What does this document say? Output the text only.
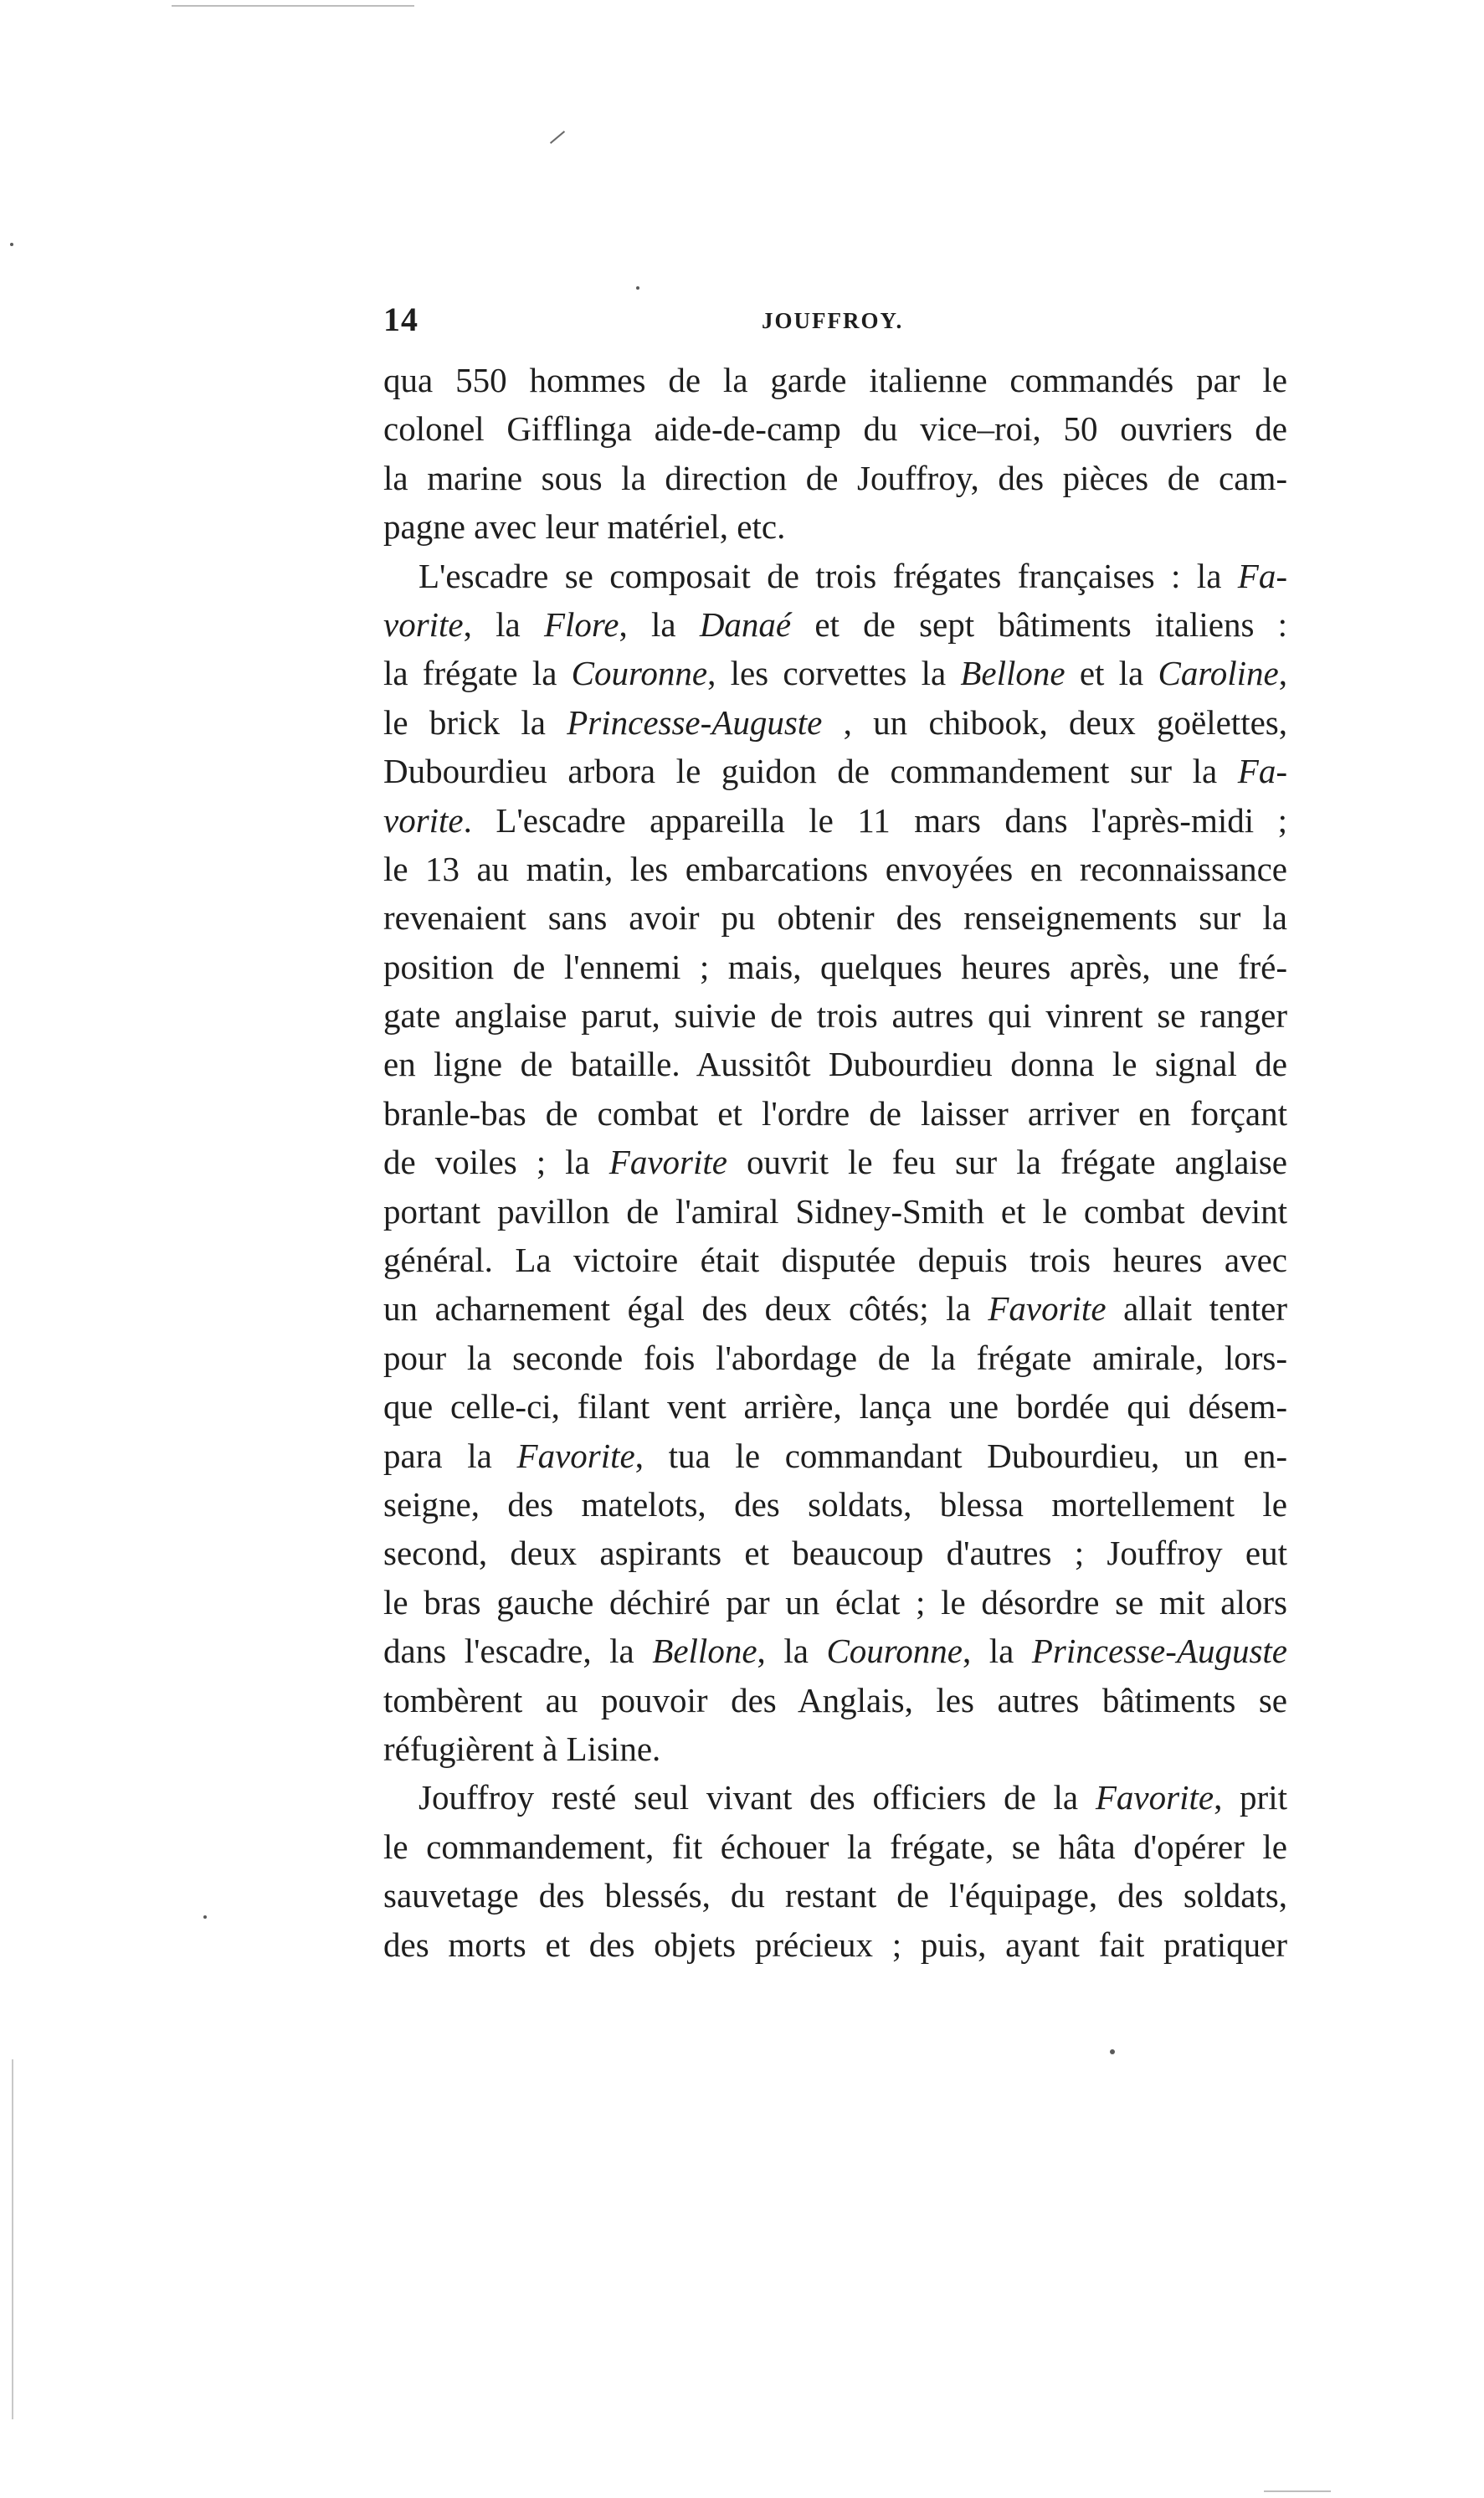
14	JOUFFROY.
qua 550 hommes de la garde italienne commandés par le
colonel Gifflinga aide-de-camp du vice–roi, 50 ouvriers de
la marine sous la direction de Jouffroy, des pièces de cam-
pagne avec leur matériel, etc.
L'escadre se composait de trois frégates françaises : la Fa-
vorite, la Flore, la Danaé et de sept bâtiments italiens :
la frégate la Couronne, les corvettes la Bellone et la Caroline,
le brick la Princesse-Auguste , un chibook, deux goëlettes,
Dubourdieu arbora le guidon de commandement sur la Fa-
vorite. L'escadre appareilla le 11 mars dans l'après-midi ;
le 13 au matin, les embarcations envoyées en reconnaissance
revenaient sans avoir pu obtenir des renseignements sur la
position de l'ennemi ; mais, quelques heures après, une fré-
gate anglaise parut, suivie de trois autres qui vinrent se ranger
en ligne de bataille. Aussitôt Dubourdieu donna le signal de
branle-bas de combat et l'ordre de laisser arriver en forçant
de voiles ; la Favorite ouvrit le feu sur la frégate anglaise
portant pavillon de l'amiral Sidney-Smith et le combat devint
général. La victoire était disputée depuis trois heures avec
un acharnement égal des deux côtés; la Favorite allait tenter
pour la seconde fois l'abordage de la frégate amirale, lors-
que celle-ci, filant vent arrière, lança une bordée qui désem-
para la Favorite, tua le commandant Dubourdieu, un en-
seigne, des matelots, des soldats, blessa mortellement le
second, deux aspirants et beaucoup d'autres ; Jouffroy eut
le bras gauche déchiré par un éclat ; le désordre se mit alors
dans l'escadre, la Bellone, la Couronne, la Princesse-Auguste
tombèrent au pouvoir des Anglais, les autres bâtiments se
réfugièrent à Lisine.
Jouffroy resté seul vivant des officiers de la Favorite, prit
le commandement, fit échouer la frégate, se hâta d'opérer le
sauvetage des blessés, du restant de l'équipage, des soldats,
des morts et des objets précieux ; puis, ayant fait pratiquer
